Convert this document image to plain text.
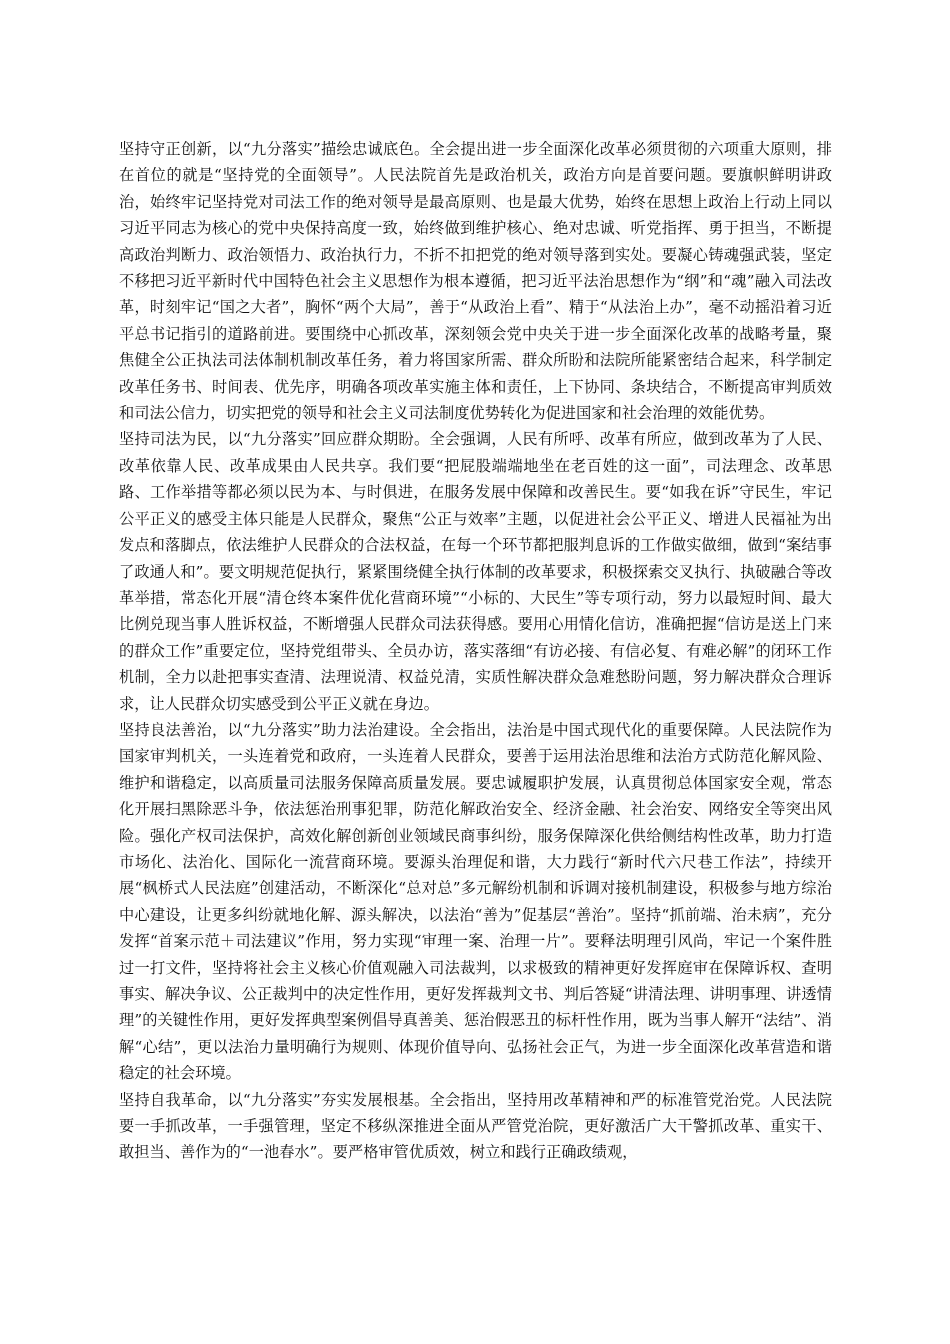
坚持守正创新，以“九分落实”描绘忠诚底色。全会提出进一步全面深化改革必须贯彻的六项重大原则，排在首位的就是“坚持党的全面领导”。人民法院首先是政治机关，政治方向是首要问题。要旗帜鲜明讲政治，始终牢记坚持党对司法工作的绝对领导是最高原则、也是最大优势，始终在思想上政治上行动上同以习近平同志为核心的党中央保持高度一致，始终做到维护核心、绝对忠诚、听党指挥、勇于担当，不断提高政治判断力、政治领悟力、政治执行力，不折不扣把党的绝对领导落到实处。要凝心铸魂强武装，坚定不移把习近平新时代中国特色社会主义思想作为根本遵循，把习近平法治思想作为“纲”和“魂”融入司法改革，时刻牢记“国之大者”，胸怀“两个大局”，善于“从政治上看”、精于“从法治上办”，毫不动摇沿着习近平总书记指引的道路前进。要围绕中心抓改革，深刻领会党中央关于进一步全面深化改革的战略考量，聚焦健全公正执法司法体制机制改革任务，着力将国家所需、群众所盼和法院所能紧密结合起来，科学制定改革任务书、时间表、优先序，明确各项改革实施主体和责任，上下协同、条块结合，不断提高审判质效和司法公信力，切实把党的领导和社会主义司法制度优势转化为促进国家和社会治理的效能优势。

坚持司法为民，以“九分落实”回应群众期盼。全会强调，人民有所呼、改革有所应，做到改革为了人民、改革依靠人民、改革成果由人民共享。我们要“把屁股端端地坐在老百姓的这一面”，司法理念、改革思路、工作举措等都必须以民为本、与时俱进，在服务发展中保障和改善民生。要“如我在诉”守民生，牢记公平正义的感受主体只能是人民群众，聚焦“公正与效率”主题，以促进社会公平正义、增进人民福祉为出发点和落脚点，依法维护人民群众的合法权益，在每一个环节都把服判息诉的工作做实做细，做到“案结事了政通人和”。要文明规范促执行，紧紧围绕健全执行体制的改革要求，积极探索交叉执行、执破融合等改革举措，常态化开展“清仓终本案件优化营商环境”“小标的、大民生”等专项行动，努力以最短时间、最大比例兑现当事人胜诉权益，不断增强人民群众司法获得感。要用心用情化信访，准确把握“信访是送上门来的群众工作”重要定位，坚持党组带头、全员办访，落实落细“有访必接、有信必复、有难必解”的闭环工作机制，全力以赴把事实查清、法理说清、权益兑清，实质性解决群众急难愁盼问题，努力解决群众合理诉求，让人民群众切实感受到公平正义就在身边。

坚持良法善治，以“九分落实”助力法治建设。全会指出，法治是中国式现代化的重要保障。人民法院作为国家审判机关，一头连着党和政府，一头连着人民群众，要善于运用法治思维和法治方式防范化解风险、维护和谐稳定，以高质量司法服务保障高质量发展。要忠诚履职护发展，认真贯彻总体国家安全观，常态化开展扫黑除恶斗争，依法惩治刑事犯罪，防范化解政治安全、经济金融、社会治安、网络安全等突出风险。强化产权司法保护，高效化解创新创业领域民商事纠纷，服务保障深化供给侧结构性改革，助力打造市场化、法治化、国际化一流营商环境。要源头治理促和谐，大力践行“新时代六尺巷工作法”，持续开展“枫桥式人民法庭”创建活动，不断深化“总对总”多元解纷机制和诉调对接机制建设，积极参与地方综治中心建设，让更多纠纷就地化解、源头解决，以法治“善为”促基层“善治”。坚持“抓前端、治未病”，充分发挥“首案示范＋司法建议”作用，努力实现“审理一案、治理一片”。要释法明理引风尚，牢记一个案件胜过一打文件，坚持将社会主义核心价值观融入司法裁判，以求极致的精神更好发挥庭审在保障诉权、查明事实、解决争议、公正裁判中的决定性作用，更好发挥裁判文书、判后答疑“讲清法理、讲明事理、讲透情理”的关键性作用，更好发挥典型案例倡导真善美、惩治假恶丑的标杆性作用，既为当事人解开“法结”、消解“心结”，更以法治力量明确行为规则、体现价值导向、弘扬社会正气，为进一步全面深化改革营造和谐稳定的社会环境。

坚持自我革命，以“九分落实”夯实发展根基。全会指出，坚持用改革精神和严的标准管党治党。人民法院要一手抓改革，一手强管理，坚定不移纵深推进全面从严管党治院，更好激活广大干警抓改革、重实干、敢担当、善作为的“一池春水”。要严格审管优质效，树立和践行正确政绩观，
